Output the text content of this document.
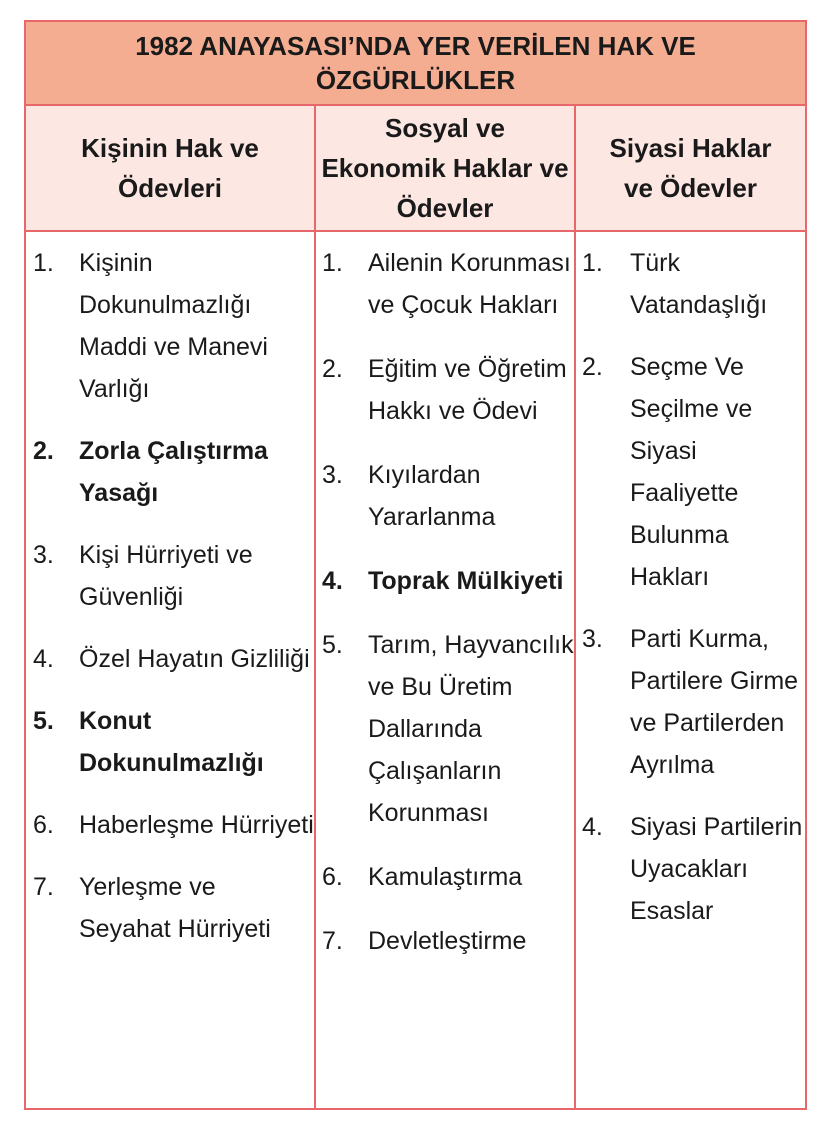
1982 ANAYASASI’NDA YER VERİLEN HAK VE ÖZGÜRLÜKLER
Kişinin Hak ve Ödevleri
Sosyal ve Ekonomik Haklar ve Ödevler
Siyasi Haklar ve Ödevler
1. Kişinin Dokunulmazlığı Maddi ve Manevi Varlığı
2. Zorla Çalıştırma Yasağı
3. Kişi Hürriyeti ve Güvenliği
4. Özel Hayatın Gizliliği
5. Konut Dokunulmazlığı
6. Haberleşme Hürriyeti
7. Yerleşme ve Seyahat Hürriyeti
1. Ailenin Korunması ve Çocuk Hakları
2. Eğitim ve Öğretim Hakkı ve Ödevi
3. Kıyılardan Yararlanma
4. Toprak Mülkiyeti
5. Tarım, Hayvancılık ve Bu Üretim Dallarında Çalışanların Korunması
6. Kamulaştırma
7. Devletleştirme
1. Türk Vatandaşlığı
2. Seçme Ve Seçilme ve Siyasi Faaliyette Bulunma Hakları
3. Parti Kurma, Partilere Girme ve Partilerden Ayrılma
4. Siyasi Partilerin Uyacakları Esaslar
